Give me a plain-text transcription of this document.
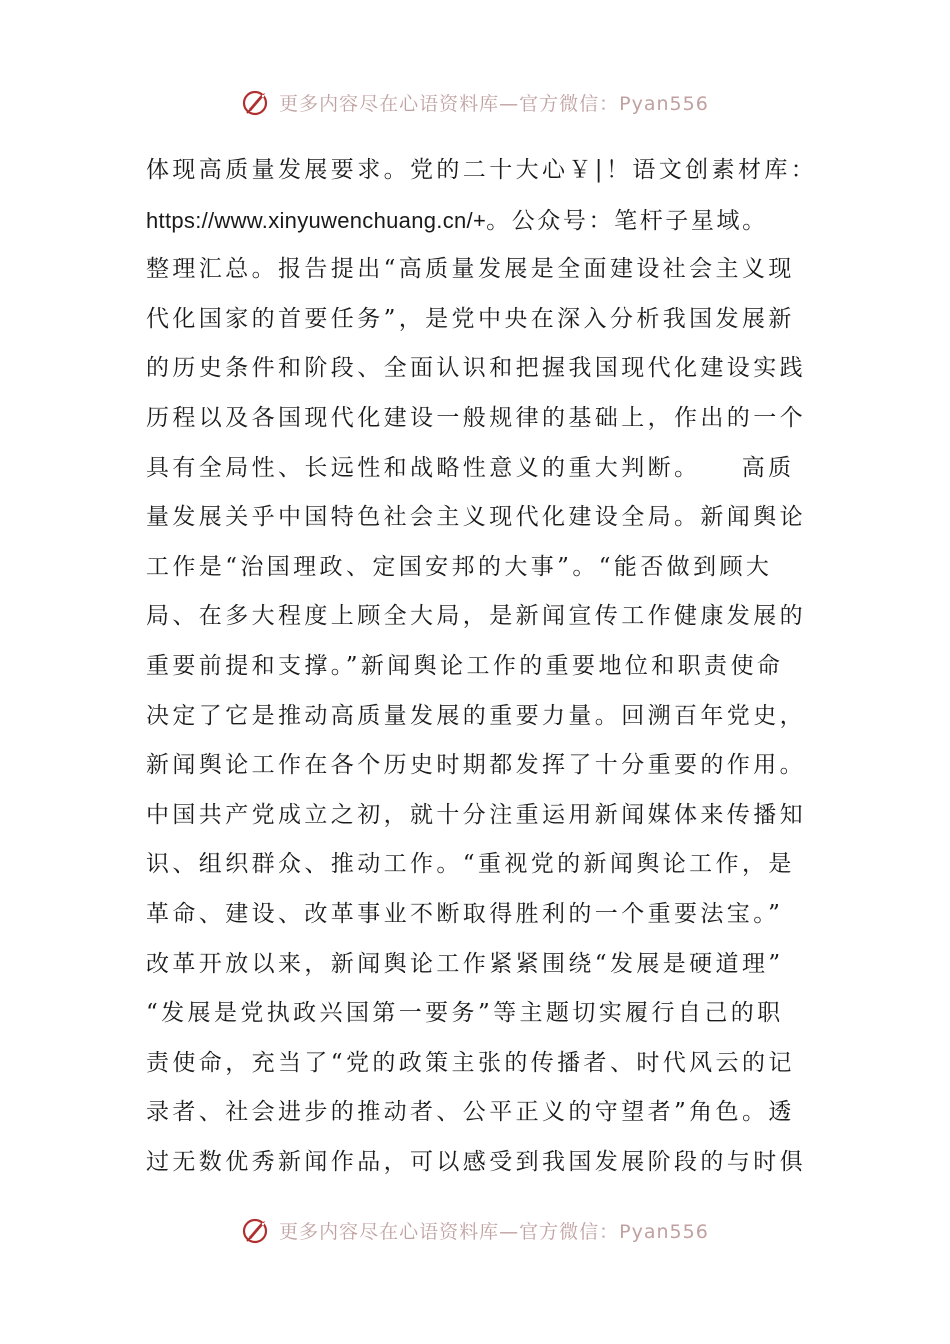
更多内容尽在心语资料库—官方微信：Pyan556
体现高质量发展要求。党的二十大心￥|！语文创素材库：
https://www.xinyuwenchuang.cn/+。公众号：笔杆子星域。
整理汇总。报告提出“高质量发展是全面建设社会主义现
代化国家的首要任务”，是党中央在深入分析我国发展新
的历史条件和阶段、全面认识和把握我国现代化建设实践
历程以及各国现代化建设一般规律的基础上，作出的一个
具有全局性、长远性和战略性意义的重大判断。　　高质
量发展关乎中国特色社会主义现代化建设全局。新闻舆论
工作是“治国理政、定国安邦的大事”。“能否做到顾大
局、在多大程度上顾全大局，是新闻宣传工作健康发展的
重要前提和支撑。”新闻舆论工作的重要地位和职责使命
决定了它是推动高质量发展的重要力量。回溯百年党史，
新闻舆论工作在各个历史时期都发挥了十分重要的作用。
中国共产党成立之初，就十分注重运用新闻媒体来传播知
识、组织群众、推动工作。“重视党的新闻舆论工作，是
革命、建设、改革事业不断取得胜利的一个重要法宝。”
改革开放以来，新闻舆论工作紧紧围绕“发展是硬道理”
“发展是党执政兴国第一要务”等主题切实履行自己的职
责使命，充当了“党的政策主张的传播者、时代风云的记
录者、社会进步的推动者、公平正义的守望者”角色。透
过无数优秀新闻作品，可以感受到我国发展阶段的与时俱
更多内容尽在心语资料库—官方微信：Pyan556
